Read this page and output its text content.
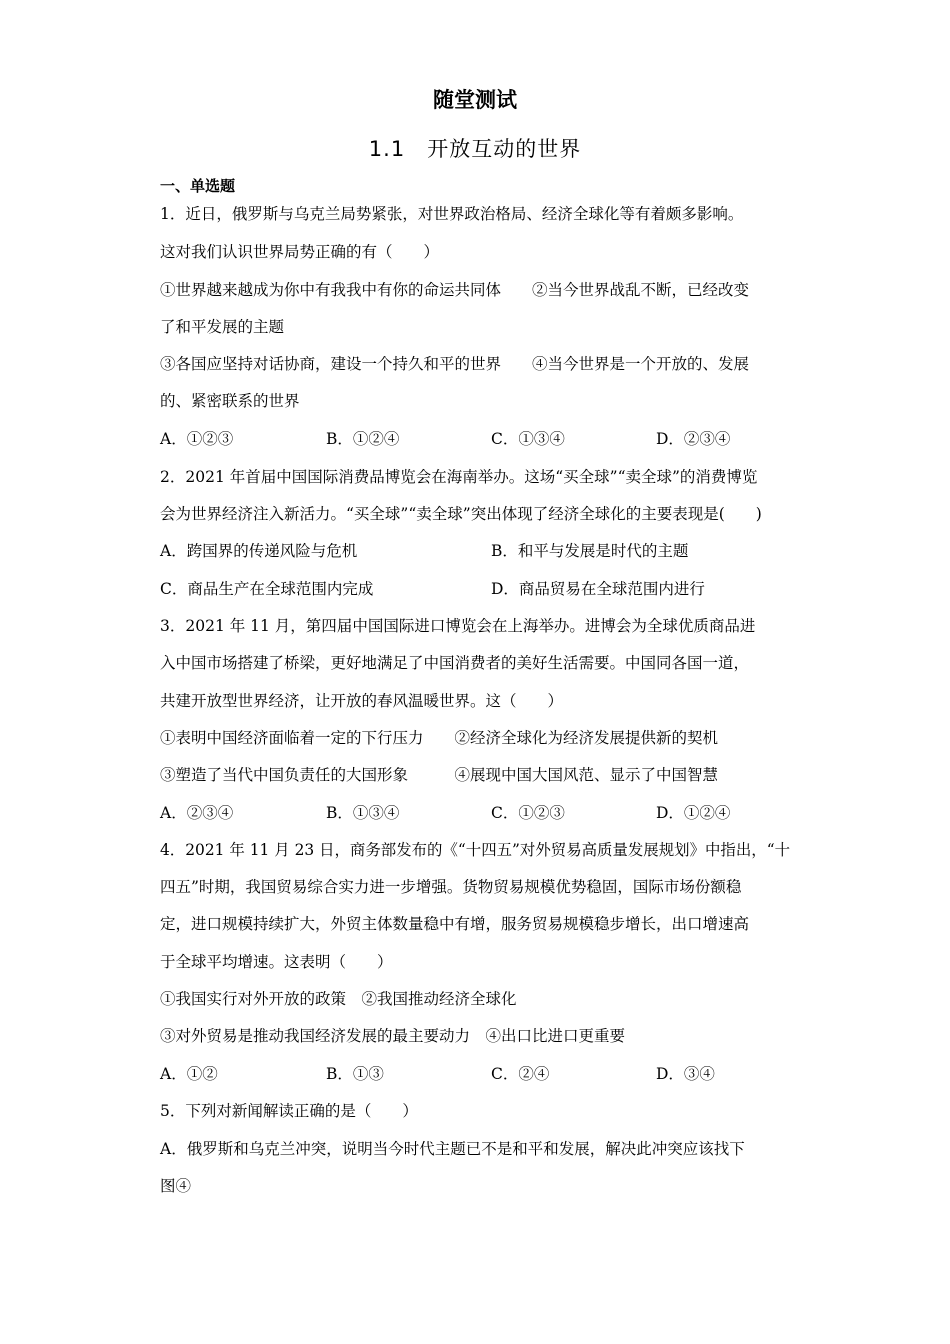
随堂测试
1.1　开放互动的世界
一、单选题
1．近日，俄罗斯与乌克兰局势紧张，对世界政治格局、经济全球化等有着颇多影响。
这对我们认识世界局势正确的有（　　）
①世界越来越成为你中有我我中有你的命运共同体　　②当今世界战乱不断，已经改变
了和平发展的主题
③各国应坚持对话协商，建设一个持久和平的世界　　④当今世界是一个开放的、发展
的、紧密联系的世界
A．①②③	B．①②④	C．①③④	D．②③④
2．2021 年首届中国国际消费品博览会在海南举办。这场“买全球”“卖全球”的消费博览
会为世界经济注入新活力。“买全球”“卖全球”突出体现了经济全球化的主要表现是(　　)
A．跨国界的传递风险与危机	B．和平与发展是时代的主题
C．商品生产在全球范围内完成	D．商品贸易在全球范围内进行
3．2021 年 11 月，第四届中国国际进口博览会在上海举办。进博会为全球优质商品进
入中国市场搭建了桥梁，更好地满足了中国消费者的美好生活需要。中国同各国一道，
共建开放型世界经济，让开放的春风温暖世界。这（　　）
①表明中国经济面临着一定的下行压力　　②经济全球化为经济发展提供新的契机
③塑造了当代中国负责任的大国形象　　　④展现中国大国风范、显示了中国智慧
A．②③④	B．①③④	C．①②③	D．①②④
4．2021 年 11 月 23 日，商务部发布的《“十四五”对外贸易高质量发展规划》中指出，“十
四五”时期，我国贸易综合实力进一步增强。货物贸易规模优势稳固，国际市场份额稳
定，进口规模持续扩大，外贸主体数量稳中有增，服务贸易规模稳步增长，出口增速高
于全球平均增速。这表明（　　）
①我国实行对外开放的政策　②我国推动经济全球化
③对外贸易是推动我国经济发展的最主要动力　④出口比进口更重要
A．①②	B．①③	C．②④	D．③④
5．下列对新闻解读正确的是（　　）
A．俄罗斯和乌克兰冲突，说明当今时代主题已不是和平和发展，解决此冲突应该找下
图④
